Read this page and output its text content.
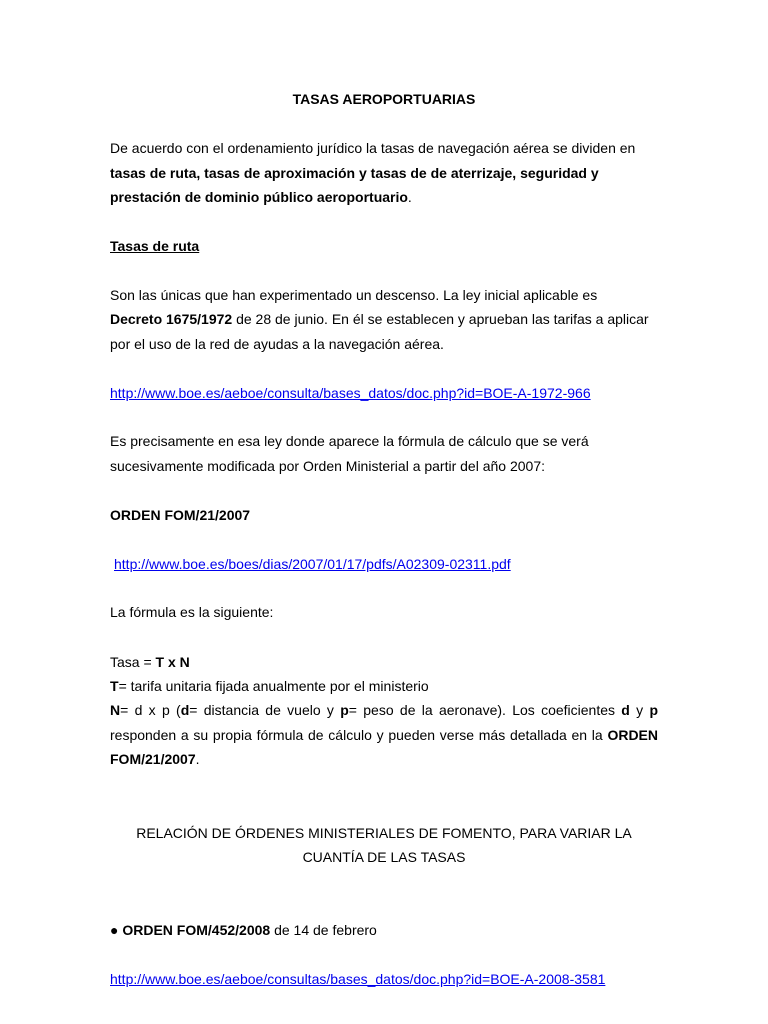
TASAS AEROPORTUARIAS
De acuerdo con el ordenamiento jurídico la tasas de navegación aérea se dividen en
tasas de ruta, tasas de aproximación y tasas de de aterrizaje, seguridad y
prestación de dominio público aeroportuario.
Tasas de ruta
Son las únicas que han experimentado un descenso. La ley inicial aplicable es
Decreto 1675/1972 de 28 de junio. En él se establecen y aprueban las tarifas a aplicar
por el uso de la red de ayudas a la navegación aérea.
http://www.boe.es/aeboe/consulta/bases_datos/doc.php?id=BOE-A-1972-966
Es precisamente en esa ley donde aparece la fórmula de cálculo que se verá
sucesivamente modificada por Orden Ministerial a partir del año 2007:
ORDEN FOM/21/2007
http://www.boe.es/boes/dias/2007/01/17/pdfs/A02309-02311.pdf
La fórmula es la siguiente:
Tasa = T x N
T= tarifa unitaria fijada anualmente por el ministerio
N= d x p (d= distancia de vuelo y p= peso de la aeronave). Los coeficientes d y p
responden a su propia fórmula de cálculo y pueden verse más detallada en la ORDEN
FOM/21/2007.
RELACIÓN DE ÓRDENES MINISTERIALES DE FOMENTO, PARA VARIAR LA
CUANTÍA DE LAS TASAS
● ORDEN FOM/452/2008 de 14 de febrero
http://www.boe.es/aeboe/consultas/bases_datos/doc.php?id=BOE-A-2008-3581
